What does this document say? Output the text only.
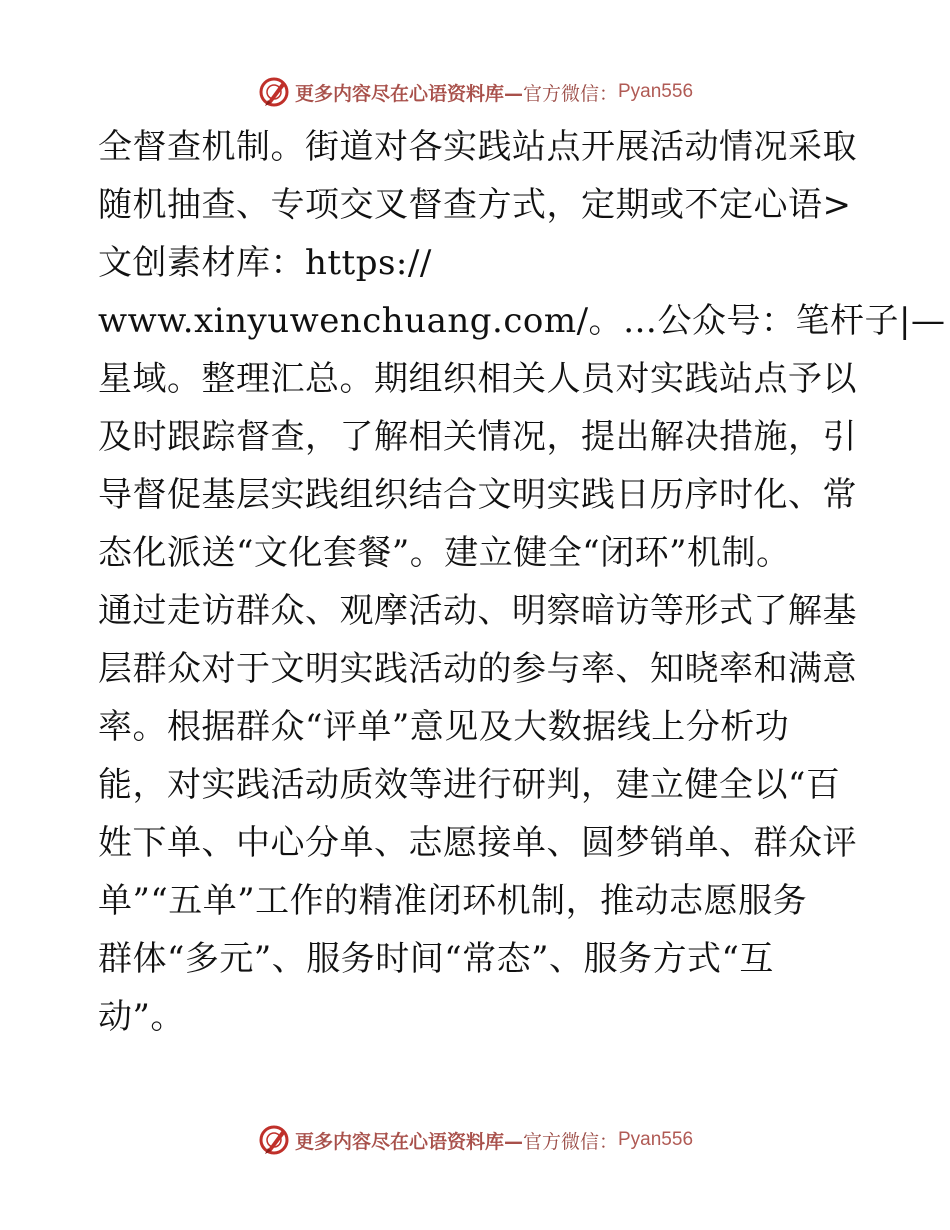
更多内容尽在心语资料库— 官方微信： Pyan556
全督查机制。街道对各实践站点开展活动情况采取
随机抽查、专项交叉督查方式，定期或不定心语>
文创素材库：https://
www.xinyuwenchuang.com/。…公众号：笔杆子|—
星域。整理汇总。期组织相关人员对实践站点予以
及时跟踪督查，了解相关情况，提出解决措施，引
导督促基层实践组织结合文明实践日历序时化、常
态化派送“文化套餐”。建立健全“闭环”机制。
通过走访群众、观摩活动、明察暗访等形式了解基
层群众对于文明实践活动的参与率、知晓率和满意
率。根据群众“评单”意见及大数据线上分析功
能，对实践活动质效等进行研判，建立健全以“百
姓下单、中心分单、志愿接单、圆梦销单、群众评
单”“五单”工作的精准闭环机制，推动志愿服务
群体“多元”、服务时间“常态”、服务方式“互
动”。
更多内容尽在心语资料库— 官方微信： Pyan556
